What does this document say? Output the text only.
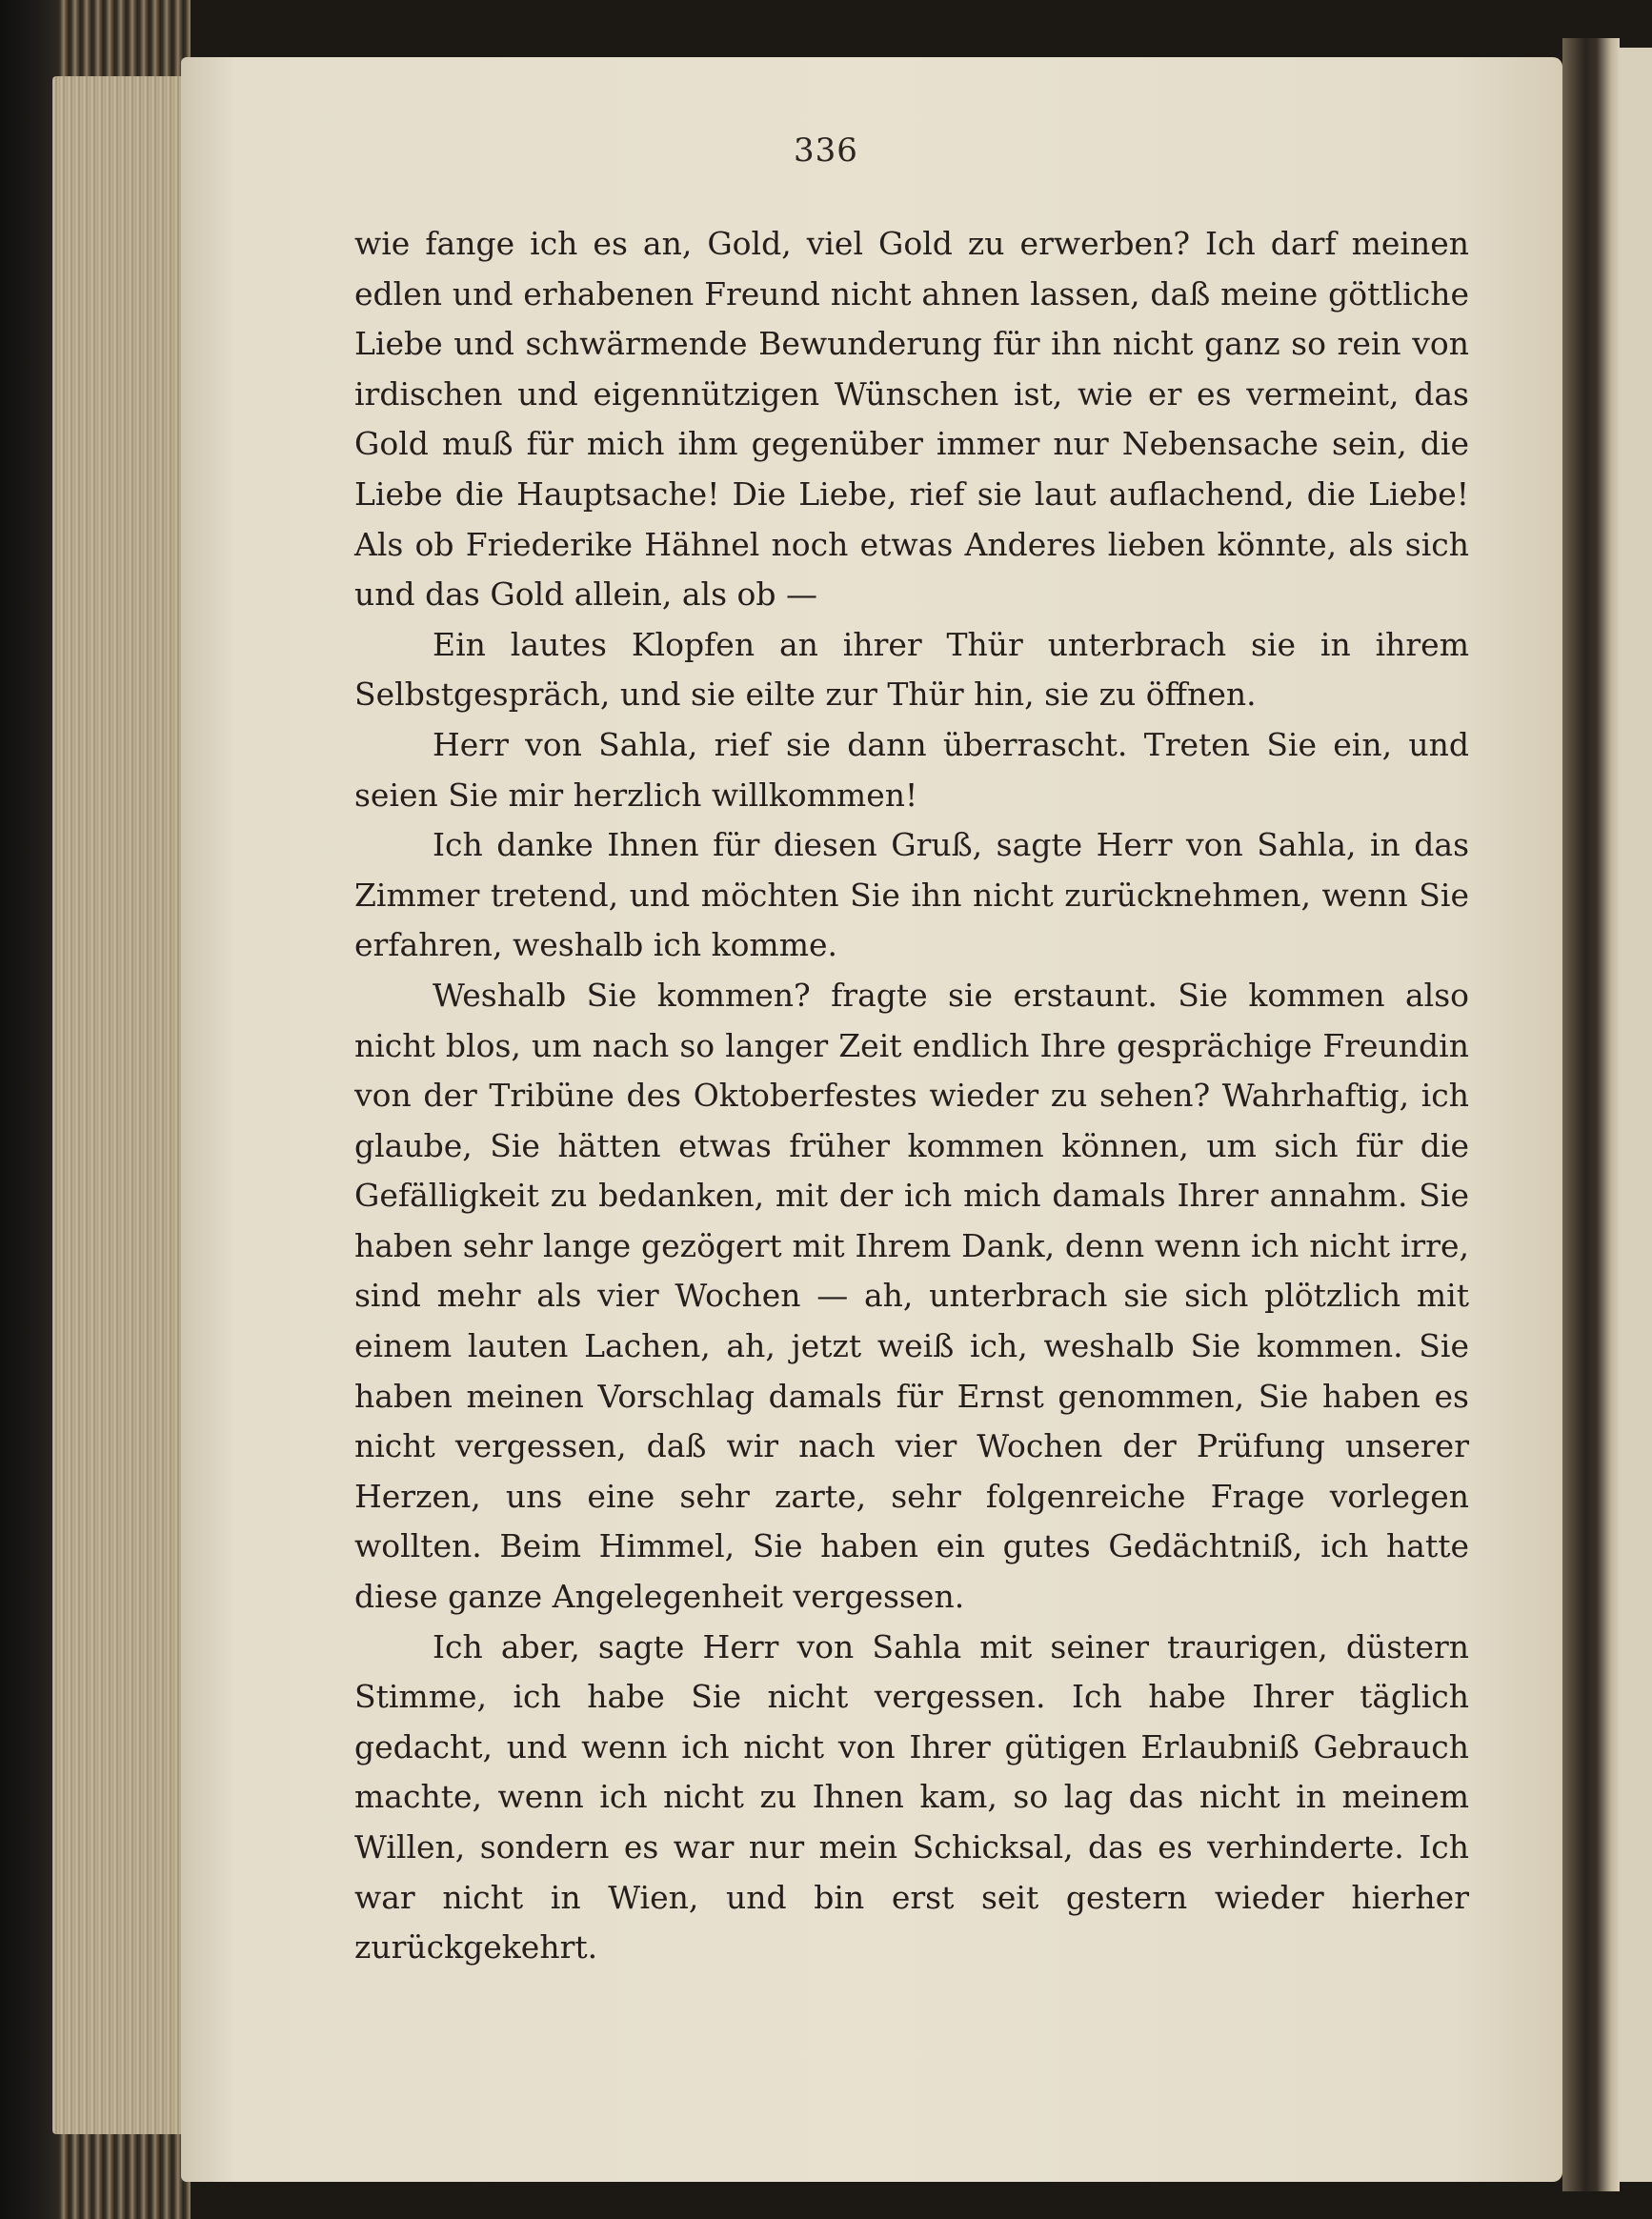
336

wie fange ich es an, Gold, viel Gold zu erwerben? Ich darf meinen edlen und erhabenen Freund nicht ahnen lassen, daß meine göttliche Liebe und schwärmende Bewunderung für ihn nicht ganz so rein von irdischen und eigennützigen Wünschen ist, wie er es vermeint, das Gold muß für mich ihm gegenüber immer nur Nebensache sein, die Liebe die Hauptsache! Die Liebe, rief sie laut auflachend, die Liebe! Als ob Friederike Hähnel noch etwas Anderes lieben könnte, als sich und das Gold allein, als ob —

Ein lautes Klopfen an ihrer Thür unterbrach sie in ihrem Selbstgespräch, und sie eilte zur Thür hin, sie zu öffnen.

Herr von Sahla, rief sie dann überrascht. Treten Sie ein, und seien Sie mir herzlich willkommen!

Ich danke Ihnen für diesen Gruß, sagte Herr von Sahla, in das Zimmer tretend, und möchten Sie ihn nicht zurücknehmen, wenn Sie erfahren, weshalb ich komme.

Weshalb Sie kommen? fragte sie erstaunt. Sie kommen also nicht blos, um nach so langer Zeit endlich Ihre gesprächige Freundin von der Tribüne des Oktoberfestes wieder zu sehen? Wahrhaftig, ich glaube, Sie hätten etwas früher kommen können, um sich für die Gefälligkeit zu bedanken, mit der ich mich damals Ihrer annahm. Sie haben sehr lange gezögert mit Ihrem Dank, denn wenn ich nicht irre, sind mehr als vier Wochen — ah, unterbrach sie sich plötzlich mit einem lauten Lachen, ah, jetzt weiß ich, weshalb Sie kommen. Sie haben meinen Vorschlag damals für Ernst genommen, Sie haben es nicht vergessen, daß wir nach vier Wochen der Prüfung unserer Herzen, uns eine sehr zarte, sehr folgenreiche Frage vorlegen wollten. Beim Himmel, Sie haben ein gutes Gedächtniß, ich hatte diese ganze Angelegenheit vergessen.

Ich aber, sagte Herr von Sahla mit seiner traurigen, düstern Stimme, ich habe Sie nicht vergessen. Ich habe Ihrer täglich gedacht, und wenn ich nicht von Ihrer gütigen Erlaubniß Gebrauch machte, wenn ich nicht zu Ihnen kam, so lag das nicht in meinem Willen, sondern es war nur mein Schicksal, das es verhinderte. Ich war nicht in Wien, und bin erst seit gestern wieder hierher zurückgekehrt.
